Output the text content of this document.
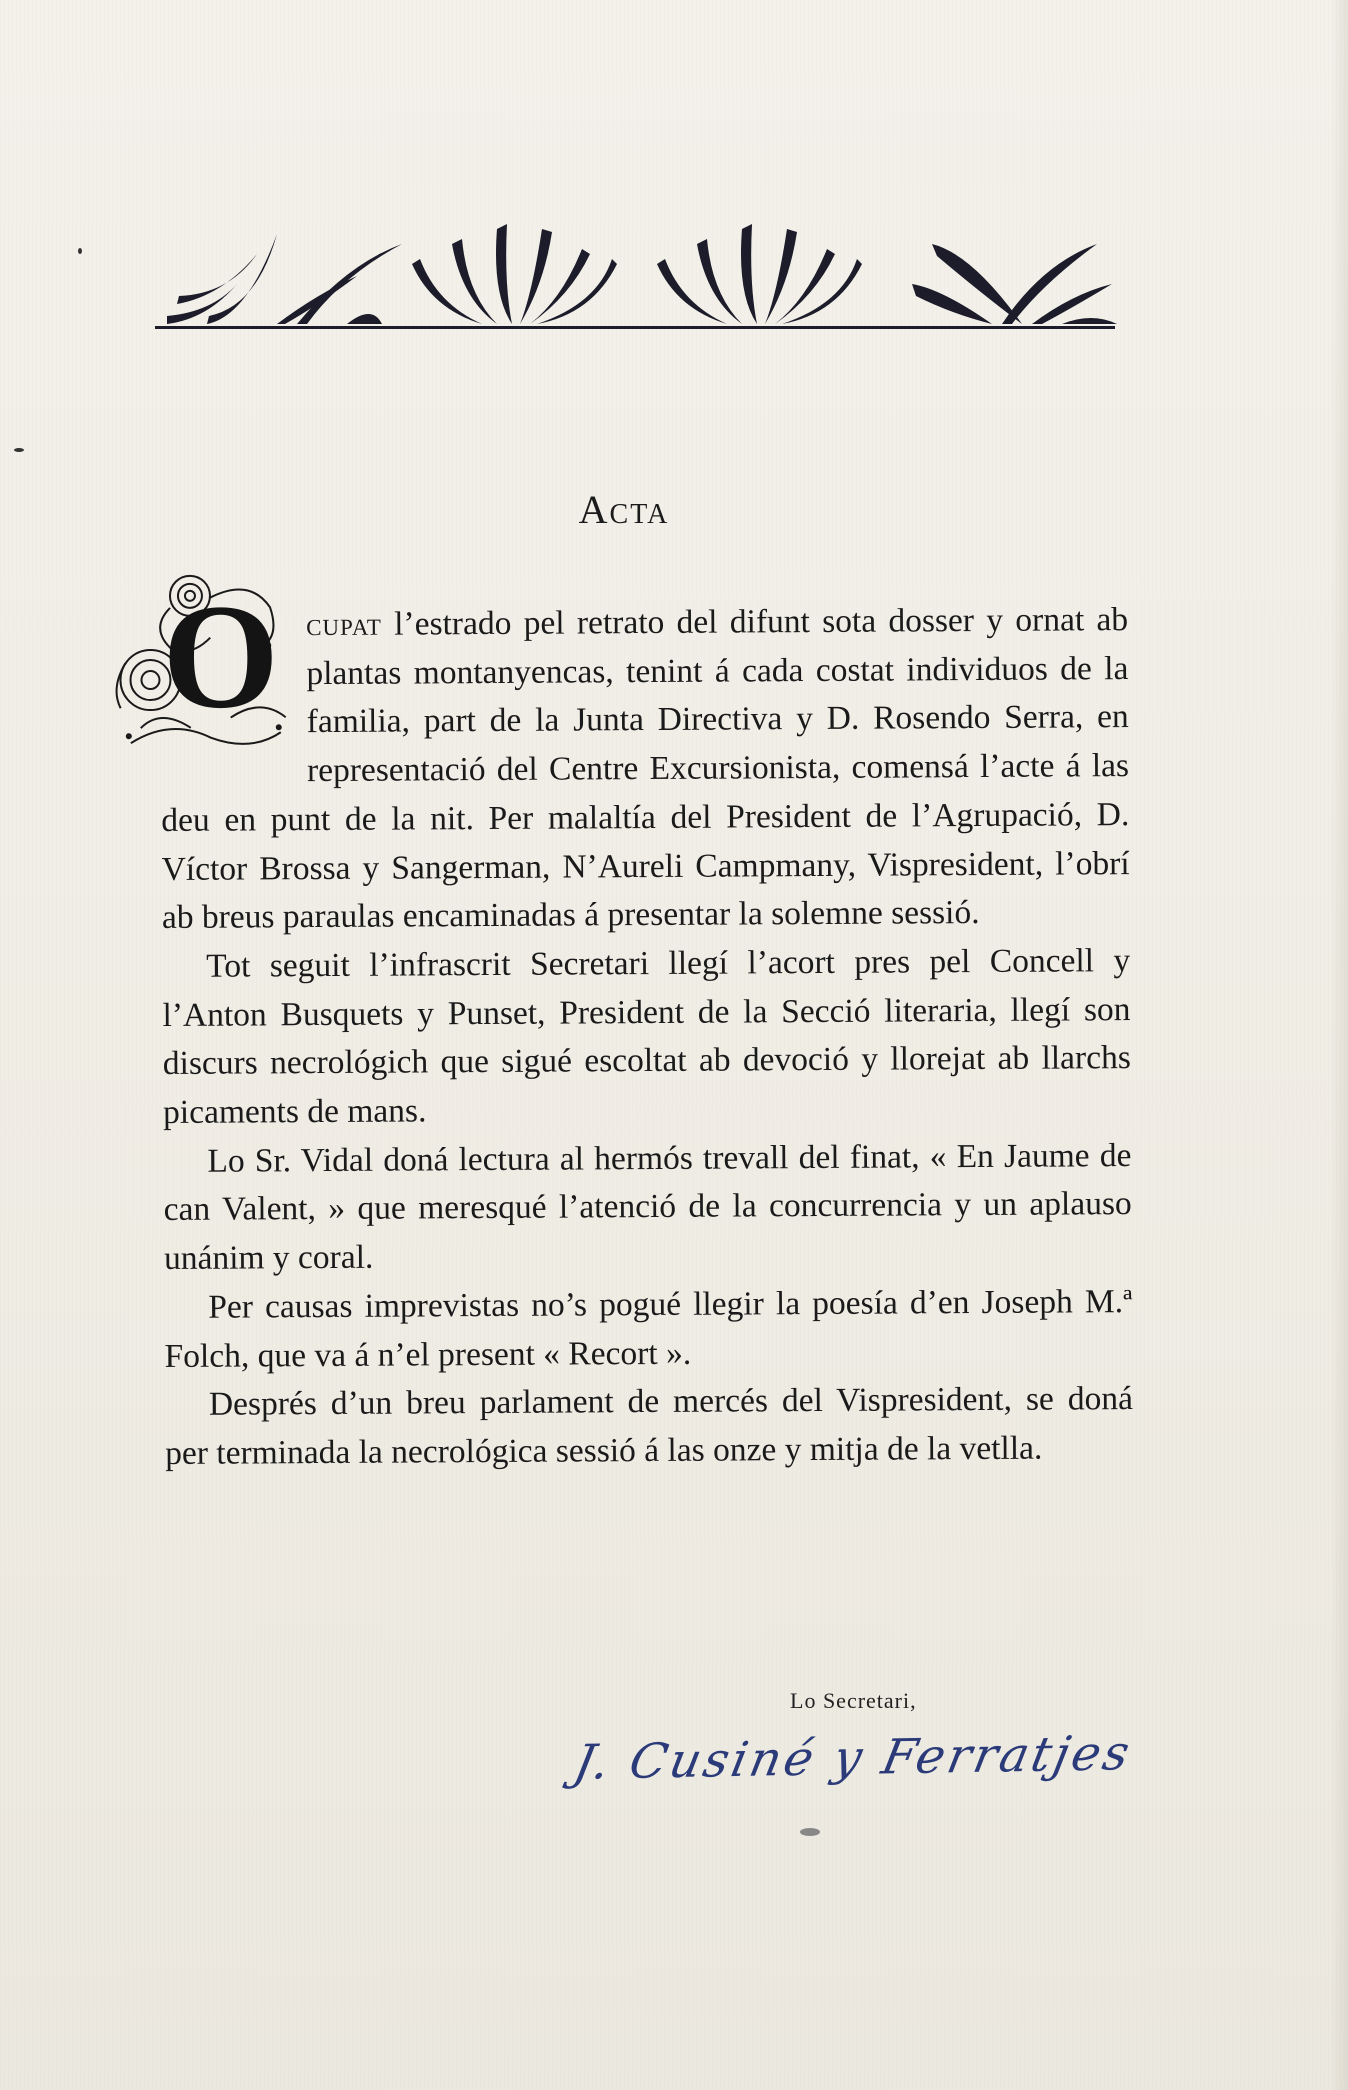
Acta

O cupat l’estrado pel retrato del difunt sota dosser y ornat ab plantas montanyencas, tenint á cada costat individuos de la familia, part de la Junta Directiva y D. Rosendo Serra, en representació del Centre Excursionista, comensá l’acte á las deu en punt de la nit. Per malaltía del President de l’Agrupació, D. Víctor Brossa y Sangerman, N’Aureli Campmany, Vispresident, l’obrí ab breus paraulas encaminadas á presentar la solemne sessió.

Tot seguit l’infrascrit Secretari llegí l’acort pres pel Concell y l’Anton Busquets y Punset, President de la Secció literaria, llegí son discurs necrológich que sigué escoltat ab devoció y llorejat ab llarchs picaments de mans.

Lo Sr. Vidal doná lectura al hermós trevall del finat, « En Jaume de can Valent, » que meresqué l’atenció de la concurrencia y un aplauso unánim y coral.

Per causas imprevistas no’s pogué llegir la poesía d’en Joseph M.ª Folch, que va á n’el present « Recort ».

Després d’un breu parlament de mercés del Vispresident, se doná per terminada la necrológica sessió á las onze y mitja de la vetlla.

Lo Secretari,
J. Cusiné y Ferratjes
